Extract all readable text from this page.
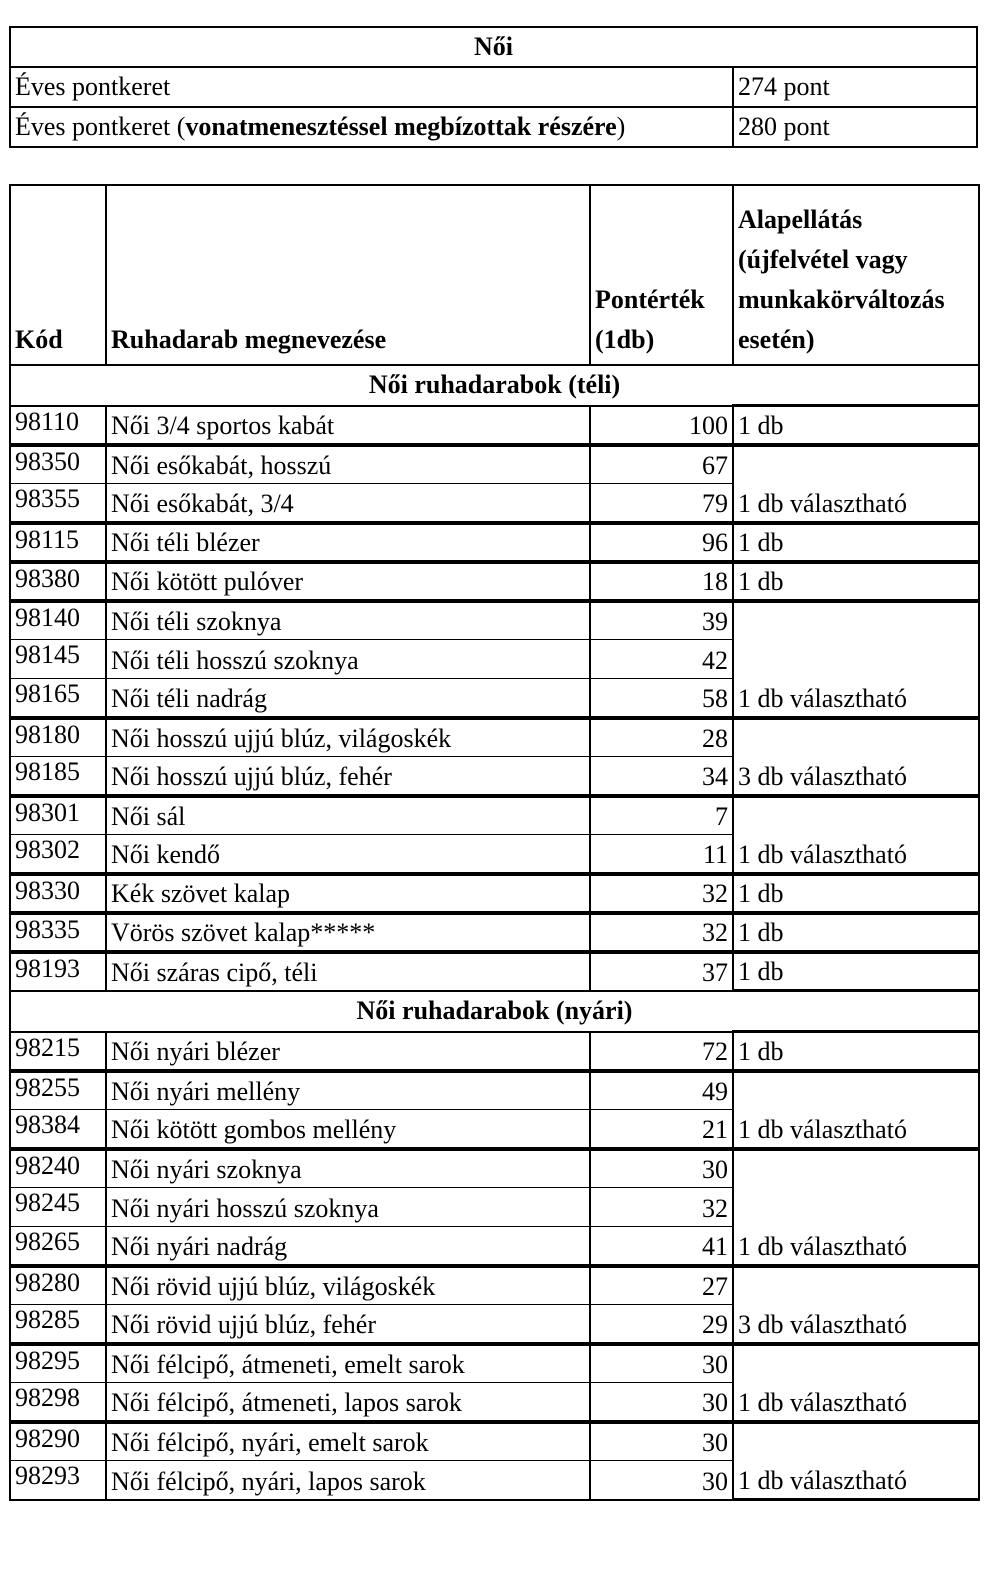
Női	
Éves pontkeret	274 pont
Éves pontkeret (vonatmenesztéssel megbízottak részére)	280 pont
Kód	Ruhadarab megnevezése	Pontérték (1db)	Alapellátás (újfelvétel vagy munkakörváltozás esetén)
Női ruhadarabok (téli)			
98110	Női 3/4 sportos kabát	100	1 db
98350	Női esőkabát, hosszú	67	1 db választható
98355	Női esőkabát, 3/4	79	
98115	Női téli blézer	96	1 db
98380	Női kötött pulóver	18	1 db
98140	Női téli szoknya	39	1 db választható
98145	Női téli hosszú szoknya	42	
98165	Női téli nadrág	58	
98180	Női hosszú ujjú blúz, világoskék	28	3 db választható
98185	Női hosszú ujjú blúz, fehér	34	
98301	Női sál	7	1 db választható
98302	Női kendő	11	
98330	Kék szövet kalap	32	1 db
98335	Vörös szövet kalap*****	32	1 db
98193	Női száras cipő, téli	37	1 db
Női ruhadarabok (nyári)			
98215	Női nyári blézer	72	1 db
98255	Női nyári mellény	49	1 db választható
98384	Női kötött gombos mellény	21	
98240	Női nyári szoknya	30	1 db választható
98245	Női nyári hosszú szoknya	32	
98265	Női nyári nadrág	41	
98280	Női rövid ujjú blúz, világoskék	27	3 db választható
98285	Női rövid ujjú blúz, fehér	29	
98295	Női félcipő, átmeneti, emelt sarok	30	1 db választható
98298	Női félcipő, átmeneti, lapos sarok	30	
98290	Női félcipő, nyári, emelt sarok	30	1 db választható
98293	Női félcipő, nyári, lapos sarok	30	
